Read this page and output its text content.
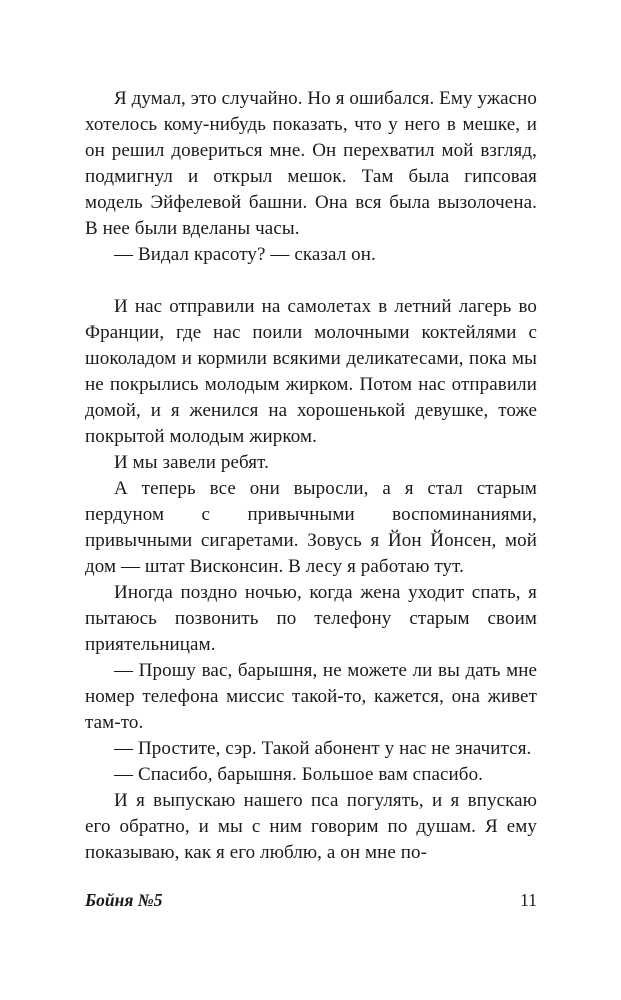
Я думал, это случайно. Но я ошибался. Ему ужасно хотелось кому-нибудь показать, что у него в мешке, и он решил довериться мне. Он перехватил мой взгляд, подмигнул и открыл мешок. Там была гипсовая модель Эйфелевой башни. Она вся была вызолочена. В нее были вделаны часы.

— Видал красоту? — сказал он.

И нас отправили на самолетах в летний лагерь во Франции, где нас поили молочными коктейлями с шоколадом и кормили всякими деликатесами, пока мы не покрылись молодым жирком. Потом нас отправили домой, и я женился на хорошенькой девушке, тоже покрытой молодым жирком.

И мы завели ребят.

А теперь все они выросли, а я стал старым пердуном с привычными воспоминаниями, привычными сигаретами. Зовусь я Йон Йонсен, мой дом — штат Висконсин. В лесу я работаю тут.

Иногда поздно ночью, когда жена уходит спать, я пытаюсь позвонить по телефону старым своим приятельницам.

— Прошу вас, барышня, не можете ли вы дать мне номер телефона миссис такой-то, кажется, она живет там-то.

— Простите, сэр. Такой абонент у нас не значится.

— Спасибо, барышня. Большое вам спасибо.

И я выпускаю нашего пса погулять, и я впускаю его обратно, и мы с ним говорим по душам. Я ему показываю, как я его люблю, а он мне по-

Бойня №5	11
